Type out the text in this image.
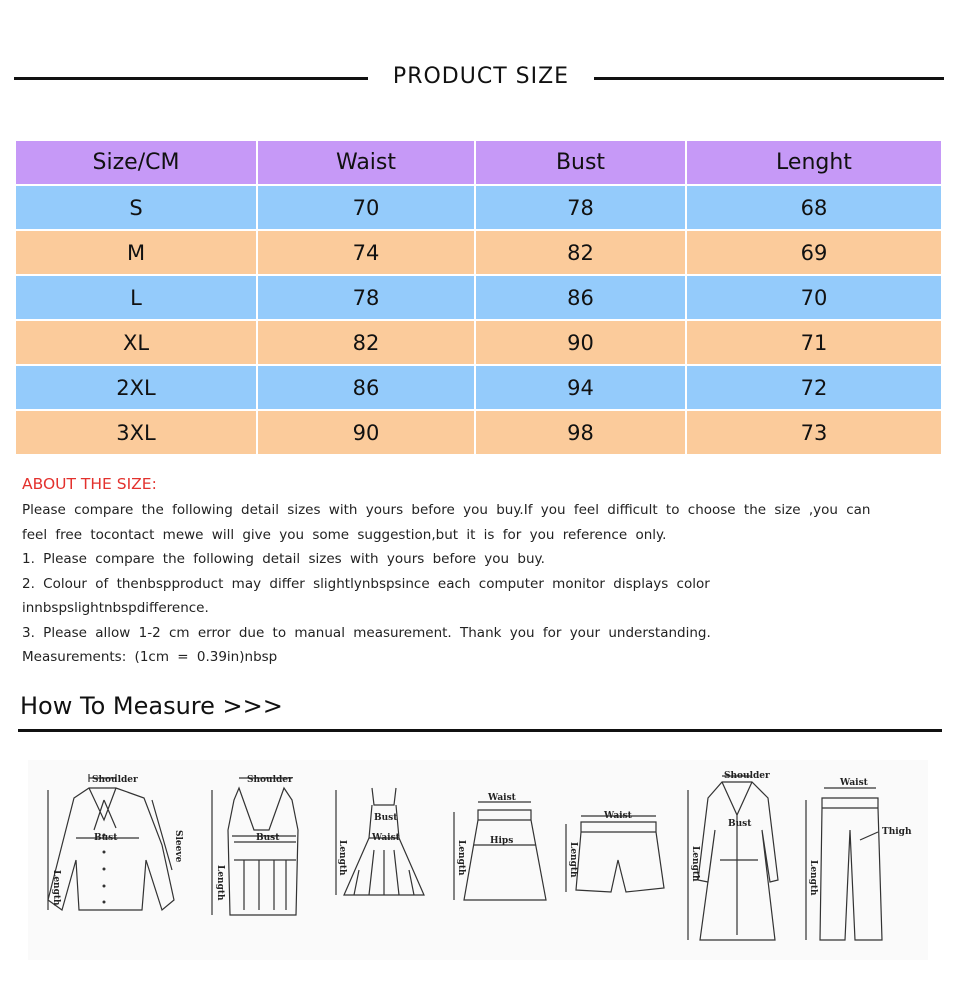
PRODUCT SIZE
Size/CM	Waist	Bust	Lenght
S	70	78	68
M	74	82	69
L	78	86	70
XL	82	90	71
2XL	86	94	72
3XL	90	98	73
ABOUT THE SIZE:

Please compare the following detail sizes with yours before you buy.If you feel difficult to choose the size ,you can

feel free tocontact mewe will give you some suggestion,but it is for you reference only.

1. Please compare the following detail sizes with yours before you buy.

2. Colour of thenbspproduct may differ slightlynbspsince each computer monitor displays color

innbspslightnbspdifference.

3. Please allow 1-2 cm error due to manual measurement. Thank you for your understanding.

Measurements: (1cm = 0.39in)nbsp

How To Measure >>>
Shoulder
Bust	Sleeve
Length
Shoulder
Bust
Length
Bust
Waist
Length
Waist
Hips
Length
Waist
Length
Shoulder
Bust
Length
Waist
Thigh
Length
